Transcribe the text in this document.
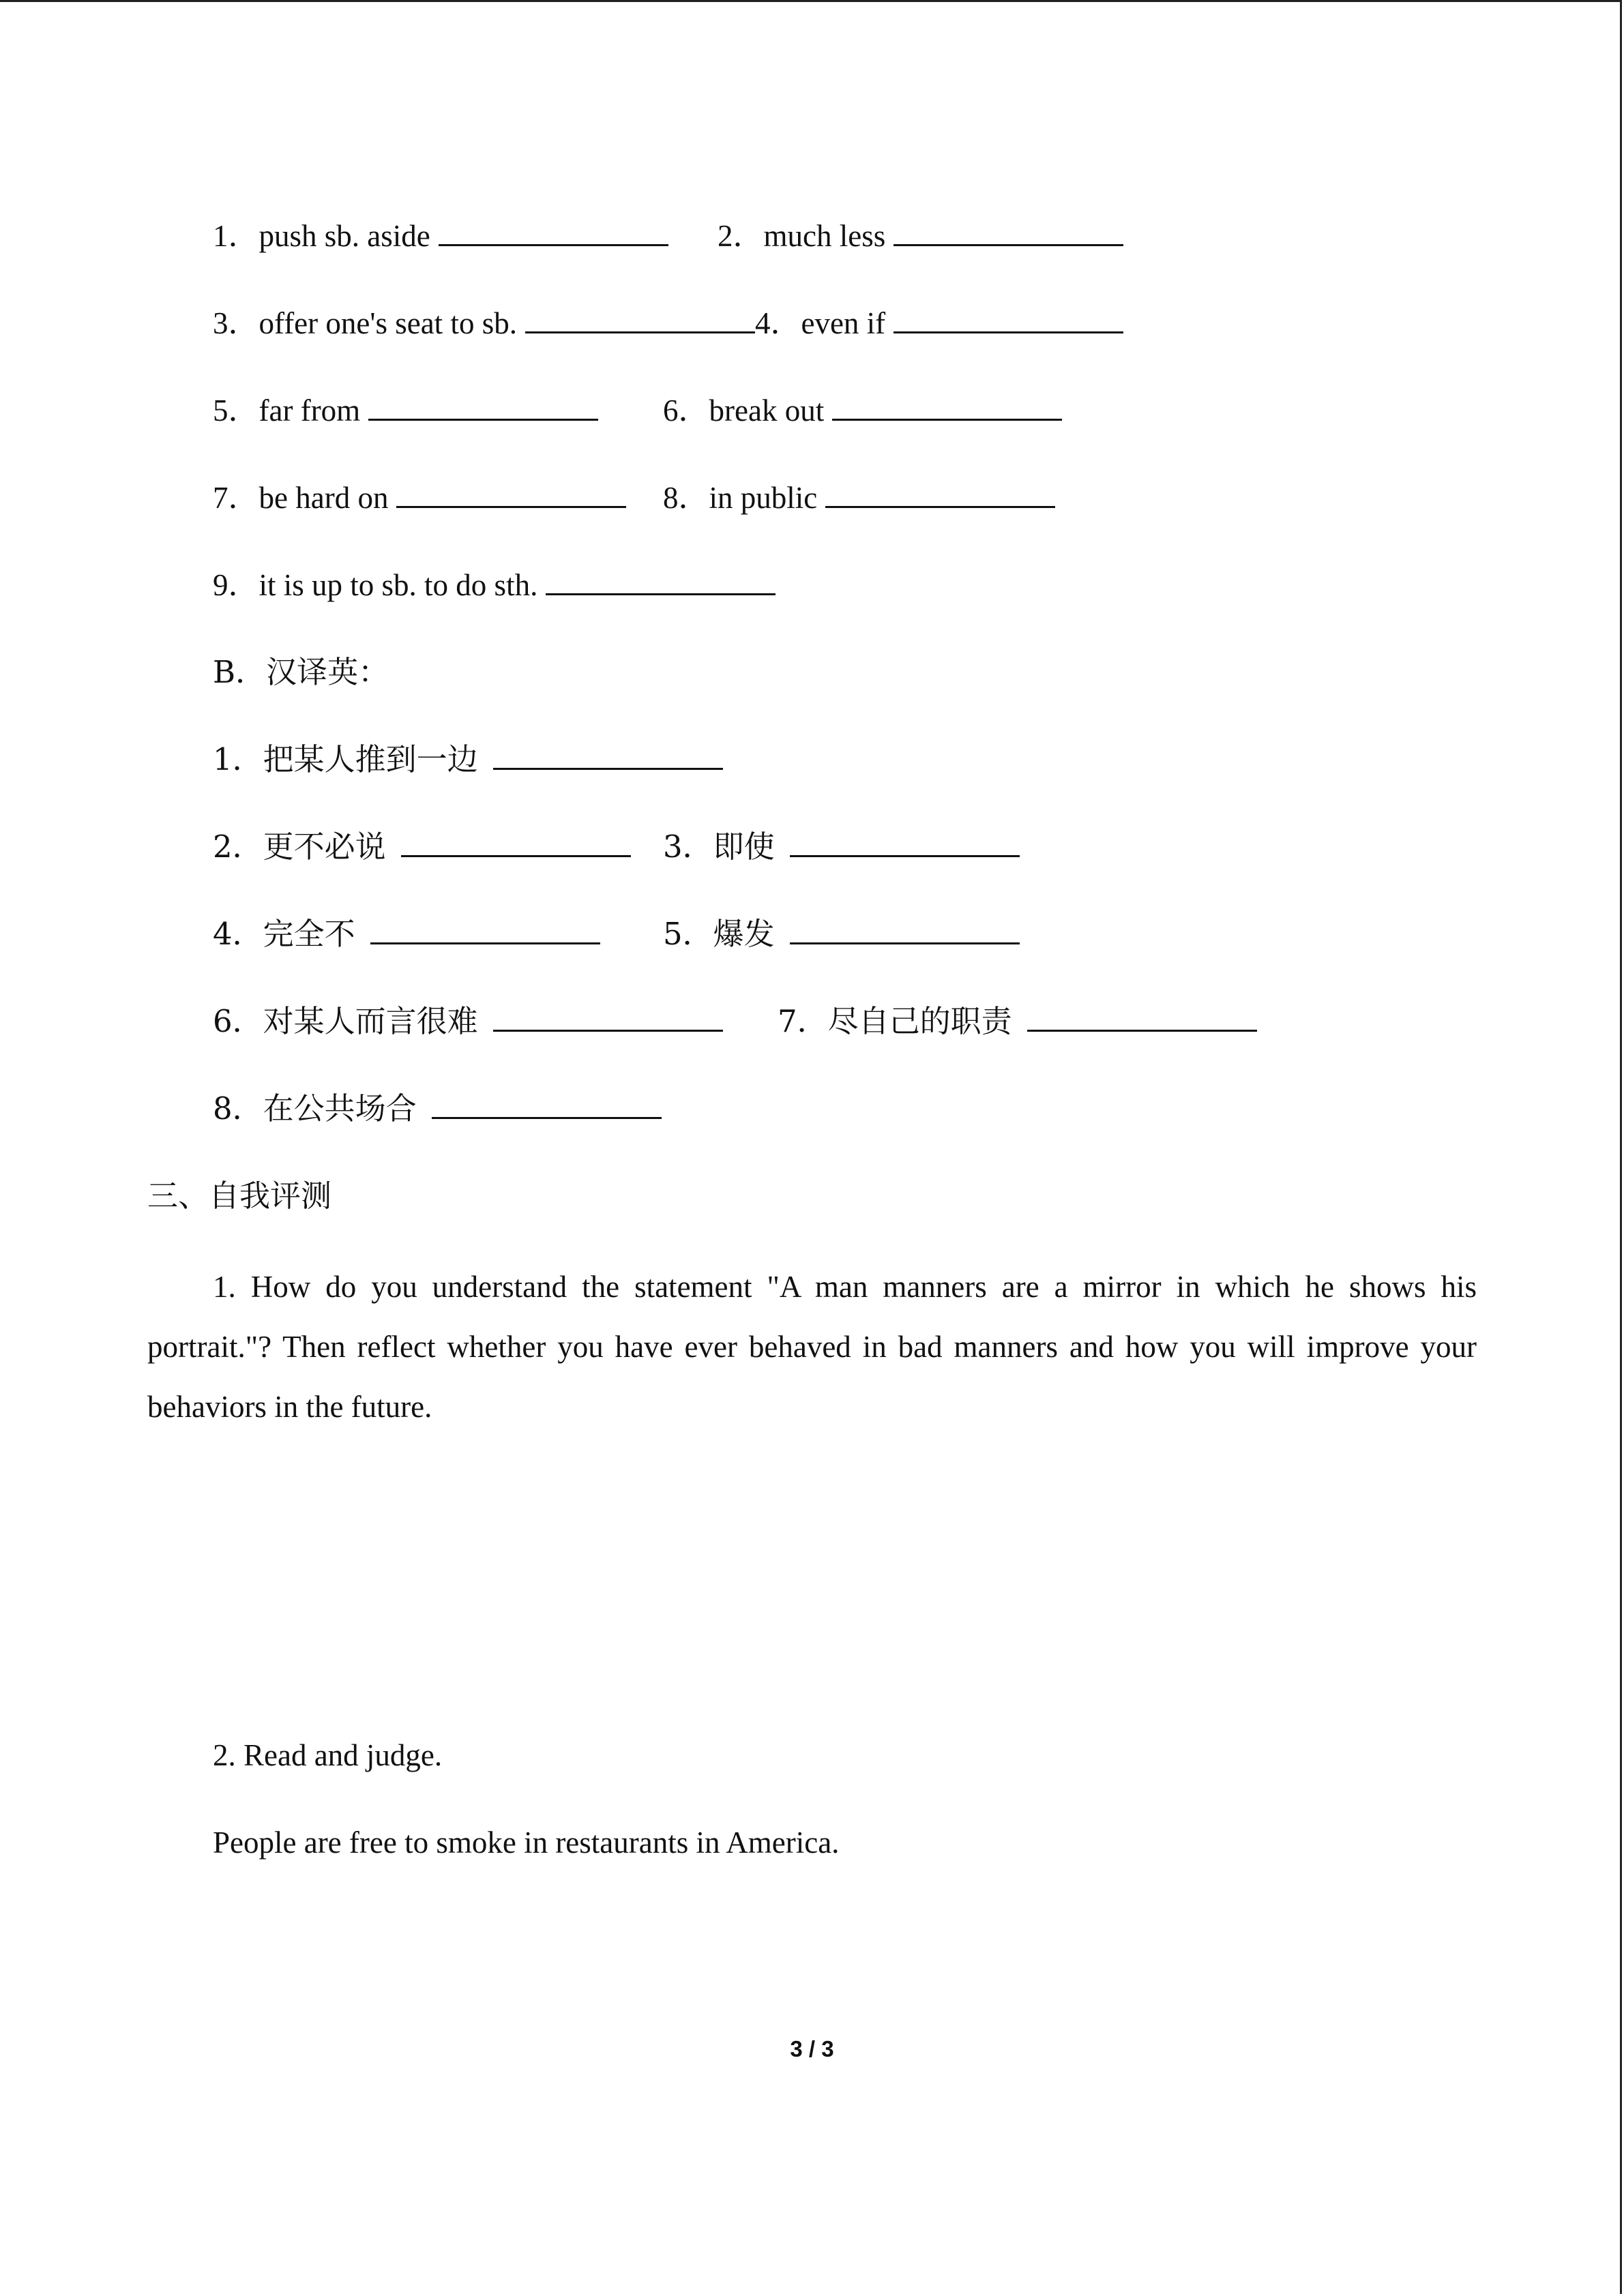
1．push sb. aside	2．much less
3．offer one's seat to sb.	4．even if
5．far from	6．break out
7．be hard on	8．in public
9．it is up to sb. to do sth.
B．汉译英：
1．把某人推到一边
2．更不必说	3．即使
4．完全不	5．爆发
6．对某人而言很难	7．尽自己的职责
8．在公共场合
三、自我评测
1. How do you understand the statement "A man manners are a mirror in which he shows his portrait."? Then reflect whether you have ever behaved in bad manners and how you will improve your behaviors in the future.
2. Read and judge.
People are free to smoke in restaurants in America.
3 / 3
